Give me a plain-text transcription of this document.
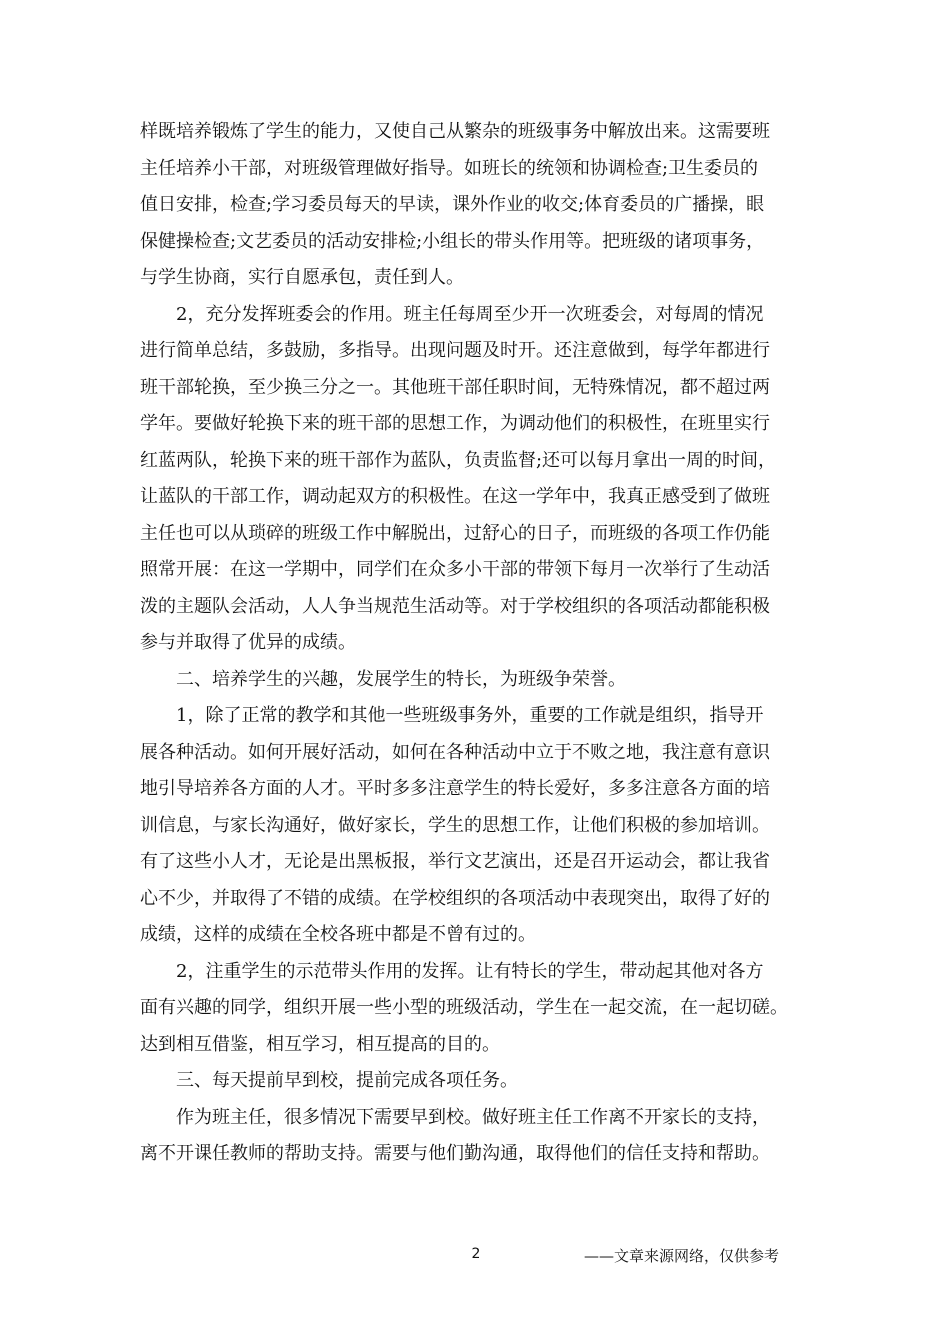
样既培养锻炼了学生的能力，又使自己从繁杂的班级事务中解放出来。这需要班
主任培养小干部，对班级管理做好指导。如班长的统领和协调检查;卫生委员的
值日安排，检查;学习委员每天的早读，课外作业的收交;体育委员的广播操，眼
保健操检查;文艺委员的活动安排检;小组长的带头作用等。把班级的诸项事务，
与学生协商，实行自愿承包，责任到人。

2，充分发挥班委会的作用。班主任每周至少开一次班委会，对每周的情况
进行简单总结，多鼓励，多指导。出现问题及时开。还注意做到，每学年都进行
班干部轮换，至少换三分之一。其他班干部任职时间，无特殊情况，都不超过两
学年。要做好轮换下来的班干部的思想工作，为调动他们的积极性，在班里实行
红蓝两队，轮换下来的班干部作为蓝队，负责监督;还可以每月拿出一周的时间，
让蓝队的干部工作，调动起双方的积极性。在这一学年中，我真正感受到了做班
主任也可以从琐碎的班级工作中解脱出，过舒心的日子，而班级的各项工作仍能
照常开展：在这一学期中，同学们在众多小干部的带领下每月一次举行了生动活
泼的主题队会活动，人人争当规范生活动等。对于学校组织的各项活动都能积极
参与并取得了优异的成绩。

二、培养学生的兴趣，发展学生的特长，为班级争荣誉。

1，除了正常的教学和其他一些班级事务外，重要的工作就是组织，指导开
展各种活动。如何开展好活动，如何在各种活动中立于不败之地，我注意有意识
地引导培养各方面的人才。平时多多注意学生的特长爱好，多多注意各方面的培
训信息，与家长沟通好，做好家长，学生的思想工作，让他们积极的参加培训。
有了这些小人才，无论是出黑板报，举行文艺演出，还是召开运动会，都让我省
心不少，并取得了不错的成绩。在学校组织的各项活动中表现突出，取得了好的
成绩，这样的成绩在全校各班中都是不曾有过的。

2，注重学生的示范带头作用的发挥。让有特长的学生，带动起其他对各方
面有兴趣的同学，组织开展一些小型的班级活动，学生在一起交流，在一起切磋。
达到相互借鉴，相互学习，相互提高的目的。

三、每天提前早到校，提前完成各项任务。

作为班主任，很多情况下需要早到校。做好班主任工作离不开家长的支持，
离不开课任教师的帮助支持。需要与他们勤沟通，取得他们的信任支持和帮助。

2	——文章来源网络，仅供参考
